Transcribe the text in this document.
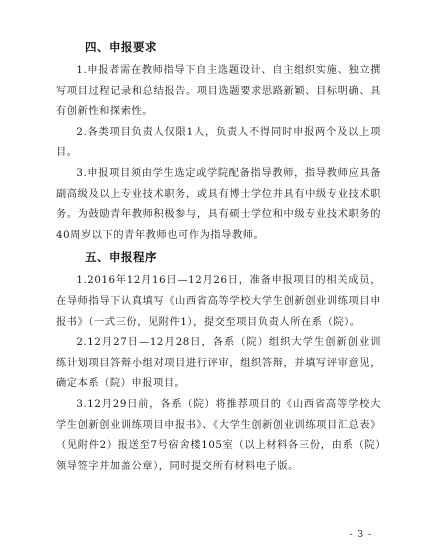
四、申报要求

1.申报者需在教师指导下自主选题设计、自主组织实施、独立撰写项目过程记录和总结报告。项目选题要求思路新颖、目标明确、具有创新性和探索性。

2.各类项目负责人仅限1人，负责人不得同时申报两个及以上项目。

3.申报项目须由学生选定或学院配备指导教师，指导教师应具备副高级及以上专业技术职务，或具有博士学位并具有中级专业技术职务。为鼓励青年教师积极参与，具有硕士学位和中级专业技术职务的40周岁以下的青年教师也可作为指导教师。

五、申报程序

1.2016年12月16日—12月26日，准备申报项目的相关成员，在导师指导下认真填写《山西省高等学校大学生创新创业训练项目申报书》（一式三份，见附件1），提交至项目负责人所在系（院）。

2.12月27日—12月28日，各系（院）组织大学生创新创业训练计划项目答辩小组对项目进行评审，组织答辩，并填写评审意见，确定本系（院）申报项目。

3.12月29日前，各系（院）将推荐项目的《山西省高等学校大学生创新创业训练项目申报书》、《大学生创新创业训练项目汇总表》（见附件2）报送至7号宿舍楼105室（以上材料各三份，由系（院）领导签字并加盖公章），同时提交所有材料电子版。

- 3 -
